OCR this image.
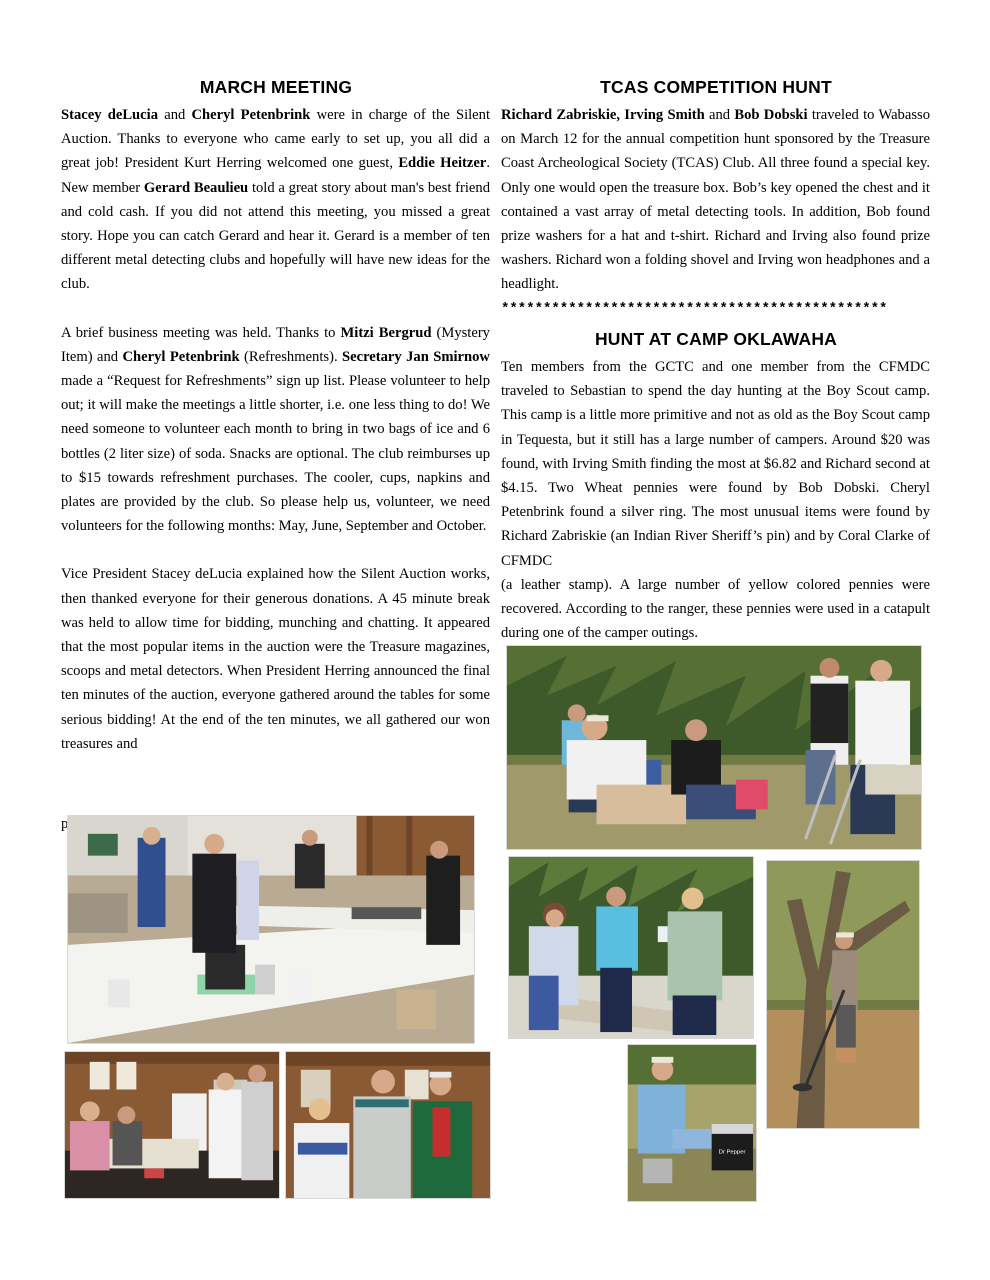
MARCH MEETING

Stacey deLucia and Cheryl Petenbrink were in charge of the Silent Auction. Thanks to everyone who came early to set up, you all did a great job! President Kurt Herring welcomed one guest, Eddie Heitzer. New member Gerard Beaulieu told a great story about man's best friend and cold cash. If you did not attend this meeting, you missed a great story. Hope you can catch Gerard and hear it. Gerard is a member of ten different metal detecting clubs and hopefully will have new ideas for the club.

A brief business meeting was held. Thanks to Mitzi Bergrud (Mystery Item) and Cheryl Petenbrink (Refreshments). Secretary Jan Smirnow made a “Request for Refreshments” sign up list. Please volunteer to help out; it will make the meetings a little shorter, i.e. one less thing to do! We need someone to volunteer each month to bring in two bags of ice and 6 bottles (2 liter size) of soda. Snacks are optional. The club reimburses up to $15 towards refreshment purchases. The cooler, cups, napkins and plates are provided by the club. So please help us, volunteer, we need volunteers for the following months: May, June, September and October.

Vice President Stacey deLucia explained how the Silent Auction works, then thanked everyone for their generous donations. A 45 minute break was held to allow time for bidding, munching and chatting. It appeared that the most popular items in the auction were the Treasure magazines, scoops and metal detectors. When President Herring announced the final ten minutes of the auction, everyone gathered around the tables for some serious bidding! At the end of the ten minutes, we all gathered our won treasures and

p
TCAS COMPETITION HUNT

Richard Zabriskie, Irving Smith and Bob Dobski traveled to Wabasso on March 12 for the annual competition hunt sponsored by the Treasure Coast Archeological Society (TCAS) Club. All three found a special key. Only one would open the treasure box. Bob’s key opened the chest and it contained a vast array of metal detecting tools. In addition, Bob found prize washers for a hat and t-shirt. Richard and Irving also found prize washers. Richard won a folding shovel and Irving won headphones and a headlight.

**********************************************
HUNT AT CAMP OKLAWAHA

Ten members from the GCTC and one member from the CFMDC traveled to Sebastian to spend the day hunting at the Boy Scout camp. This camp is a little more primitive and not as old as the Boy Scout camp in Tequesta, but it still has a large number of campers. Around $20 was found, with Irving Smith finding the most at $6.82 and Richard second at $4.15. Two Wheat pennies were found by Bob Dobski. Cheryl Petenbrink found a silver ring. The most unusual items were found by Richard Zabriskie (an Indian River Sheriff’s pin) and by Coral Clarke of CFMDC

(a leather stamp). A large number of yellow colored pennies were recovered. According to the ranger, these pennies were used in a catapult during one of the camper outings.

Dr Pepper
